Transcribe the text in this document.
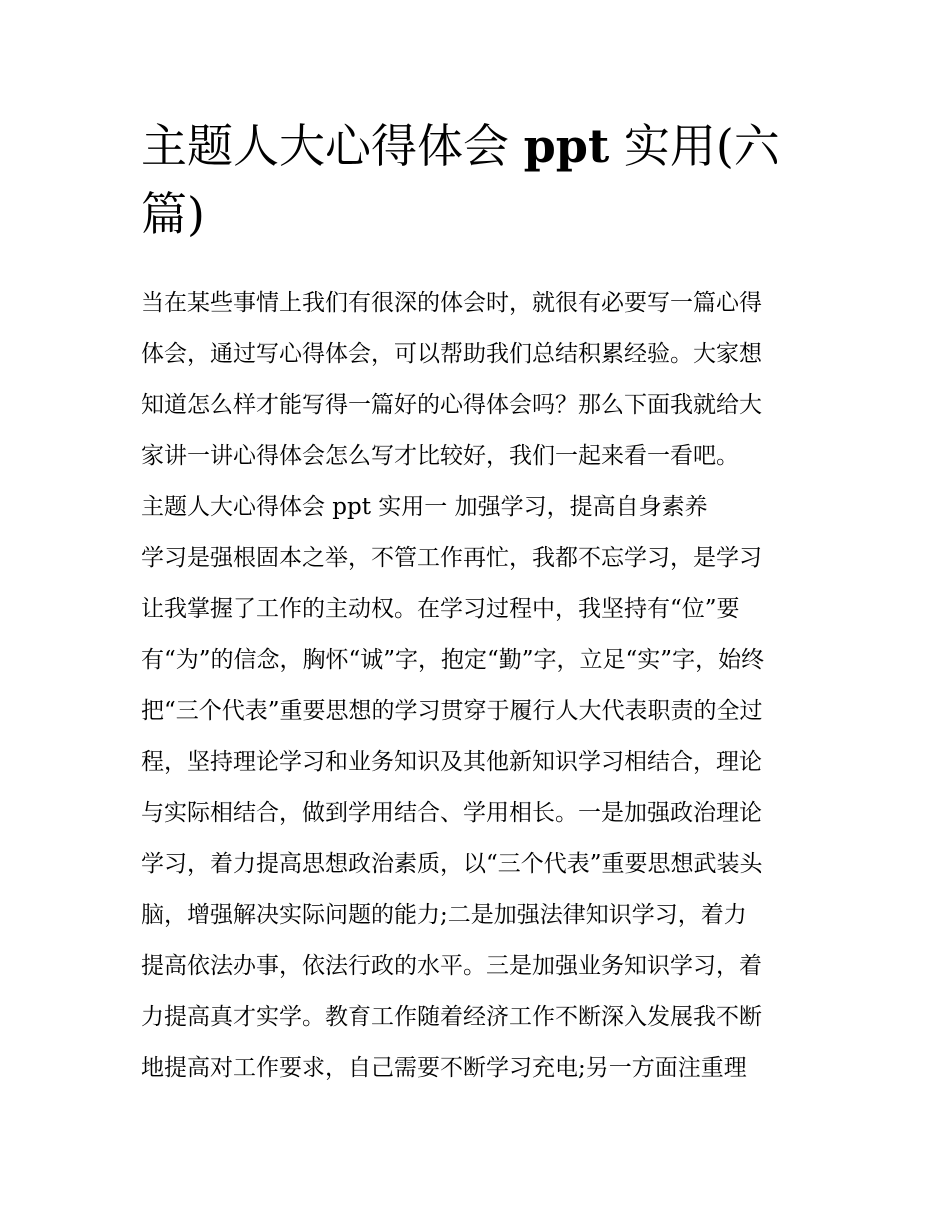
主题人大心得体会 ppt 实用(六
篇)
当在某些事情上我们有很深的体会时，就很有必要写一篇心得
体会，通过写心得体会，可以帮助我们总结积累经验。大家想
知道怎么样才能写得一篇好的心得体会吗？那么下面我就给大
家讲一讲心得体会怎么写才比较好，我们一起来看一看吧。
主题人大心得体会 ppt 实用一 加强学习，提高自身素养
学习是强根固本之举，不管工作再忙，我都不忘学习，是学习
让我掌握了工作的主动权。在学习过程中，我坚持有“位”要
有“为”的信念，胸怀“诚”字，抱定“勤”字，立足“实”字，始终
把“三个代表”重要思想的学习贯穿于履行人大代表职责的全过
程，坚持理论学习和业务知识及其他新知识学习相结合，理论
与实际相结合，做到学用结合、学用相长。一是加强政治理论
学习，着力提高思想政治素质，以“三个代表”重要思想武装头
脑，增强解决实际问题的能力;二是加强法律知识学习，着力
提高依法办事，依法行政的水平。三是加强业务知识学习，着
力提高真才实学。教育工作随着经济工作不断深入发展我不断
地提高对工作要求，自己需要不断学习充电;另一方面注重理
